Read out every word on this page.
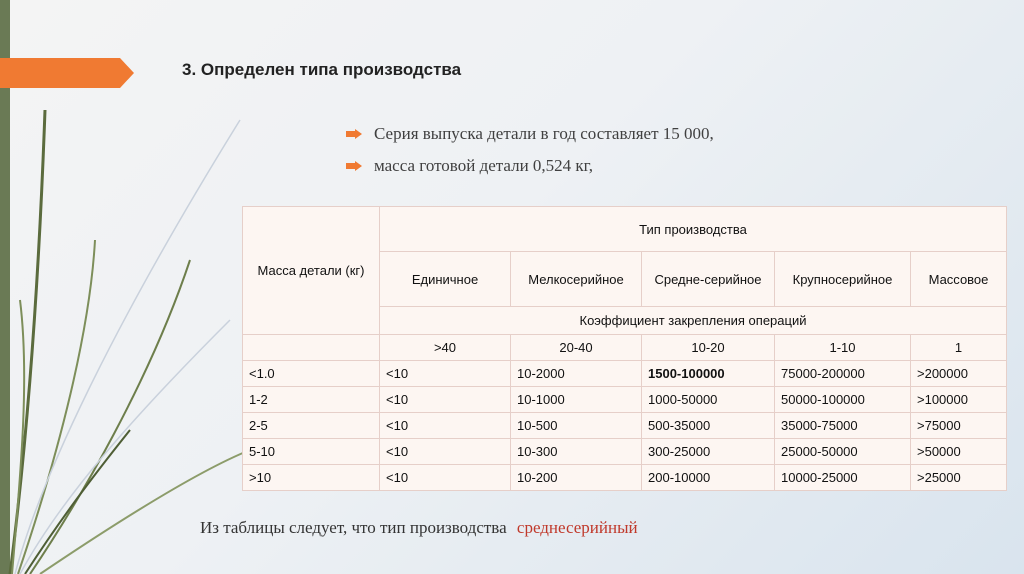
3. Определен типа производства
Серия выпуска детали в год составляет 15 000,
масса готовой детали 0,524 кг,
Масса детали (кг)	Тип производства				
	Единичное	Мелкосерийное	Средне-серийное	Крупносерийное	Массовое
	Коэффициент закрепления операций				
	>40	20-40	10-20	1-10	1
<1.0	<10	10-2000	1500-100000	75000-200000	>200000
1-2	<10	10-1000	1000-50000	50000-100000	>100000
2-5	<10	10-500	500-35000	35000-75000	>75000
5-10	<10	10-300	300-25000	25000-50000	>50000
>10	<10	10-200	200-10000	10000-25000	>25000
Из таблицы следует, что тип производства среднесерийный
